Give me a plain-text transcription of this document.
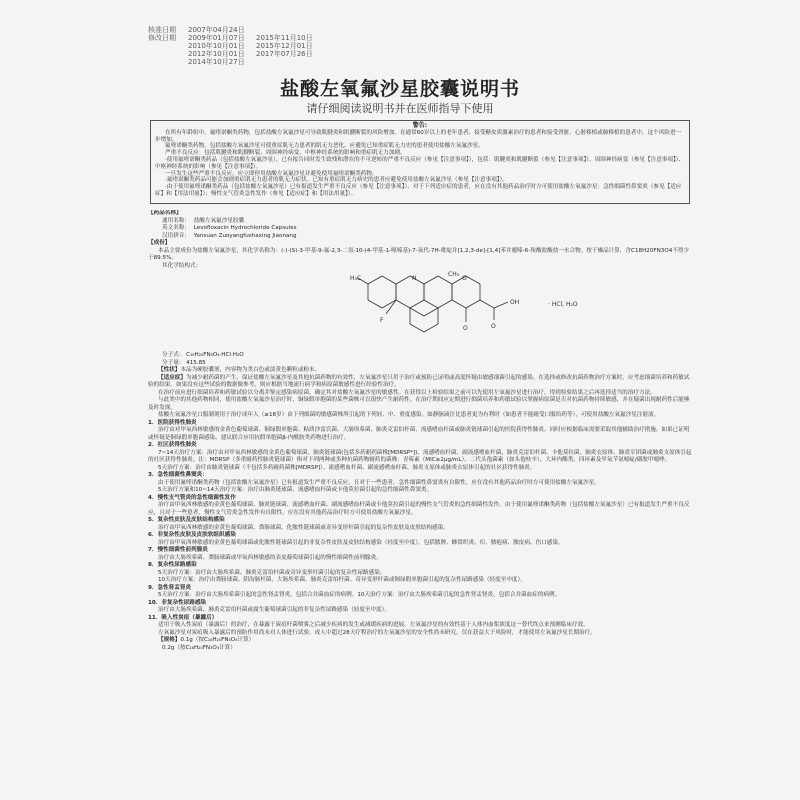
核准日期	2007年04月24日
修改日期	2009年01月07日	2015年11月10日
2010年10月01日	2015年12月01日
2012年10月01日	2017年07月26日
2014年10月27日
盐酸左氧氟沙星胶囊说明书
请仔细阅读说明书并在医师指导下使用
警告:

在所有年龄组中，氟喹诺酮类药物，包括盐酸左氧氟沙星可导致肌腱炎和肌腱断裂的风险增加。在通常60岁以上的老年患者、接受糖皮质激素治疗的患者和接受肾脏、心脏移植或肺移植的患者中，这个风险进一步增加。

氟喹诺酮类药物，包括盐酸左氧氟沙星可使重症肌无力患者的肌无力恶化。应避免已知重症肌无力史的患者使用盐酸左氧氟沙星。

严重不良反应：包括肌腱炎和肌腱断裂、周围神经病变、中枢神经系统的影响和重症肌无力加剧。

·使用氟喹诺酮类药品（包括盐酸左氧氟沙星），已有报告同时发生致残和潜在的不可逆转的严重不良反应（参见【注意事项】），包括：肌腱炎和肌腱断裂（参见【注意事项】）、周围神经病变（参见【注意事项】）、中枢神经系统的影响（参见【注意事项】）。

一旦发生这些严重不良反应，应立即停用盐酸左氧氟沙星并避免使用氟喹诺酮类药物。

·氟喹诺酮类药品可能会加剧重症肌无力患者的肌无力症状。已知有重症肌无力病史的患者应避免使用盐酸左氧氟沙星（参见【注意事项】）。

·由于使用氟喹诺酮类药品（包括盐酸左氧氟沙星）已有报道发生严重不良反应（参见【注意事项】），对于下列适应症的患者，应在没有其他药品治疗时方可使用盐酸左氧氟沙星：急性细菌性鼻窦炎（参见【适应症】和【用法用量】）；慢性支气管炎急性发作（参见【适应症】和【用法用量】）。

【药品名称】
通用名称： 盐酸左氧氟沙星胶囊
英文名称： Levofloxacin Hydrochloride Capsules
汉语拼音： Yansuan Zuoyangfushaxing Jiaonang
【成份】

本品主要成份为盐酸左氧氟沙星，其化学名称为：(-)-(S)-3-甲基-9-氟-2,3-二氢-10-(4-甲基-1-哌嗪基)-7-氧代-7H-吡啶并[1,2,3-de]-[1,4]苯并噁嗪-6-羧酸盐酸盐一水合物。按干燥品计算，含C18H20FN3O4不得少于89.5%。

其化学结构式：
H₃C
F
O	O
OH
CH₃
N	O
· HCl, H₂O
分子式： C₁₈H₂₀FN₃O₄·HCl·H₂O
分子量： 415.85

【性状】本品为硬胶囊剂，内容物为类白色或淡黄色颗粒或粉末。

【适应症】为减少耐药菌的产生，保证盐酸左氧氟沙星及其他抗菌药物的有效性，左氧氟沙星只用于治疗或预防已证明或高度怀疑由敏感细菌引起的感染。在选择或修改抗菌药物治疗方案时，应考虑细菌培养和药敏试验的结果。如果没有这些试验的数据做参考，则应根据当地流行病学和病原菌敏感性进行经验性治疗。

在治疗前应进行细菌培养和药敏试验以分离并鉴定感染病原菌，确定其对盐酸左氧氟沙星的敏感性。在获得以上检验结果之前可以先使用左氧氟沙星进行治疗，得到检验结果之后再选择适当的治疗方法。

与此类中的其他药物相同，使用盐酸左氧氟沙星治疗时，铜绿假单胞菌的某些菌株可以很快产生耐药性。在治疗期间应定期进行细菌培养和药敏试验以掌握病原菌是否对抗菌药物持续敏感，并在疑菌出现耐药性后能够及时发现。

盐酸左氧氟沙星口服制剂用于治疗成年人（≥18岁）由下列细菌的敏感菌株所引起的下列轻、中、重度感染。如静脉滴注比患者更为有利时（如患者不能耐受口服给药等），可使用盐酸左氧氟沙星注射液。

1．医院获得性肺炎

治疗由对甲氧西林敏感的金黄色葡萄球菌、铜绿假单胞菌、粘质沙雷氏菌、大肠埃希菌、肺炎克雷伯杆菌、流感嗜血杆菌或肺炎链球菌引起的医院获得性肺炎。同时应根据临床需要采取其他辅助治疗措施。如果已证明或怀疑是铜绿假单胞菌感染，建议联合应用抗假单胞菌β-内酰胺类药物进行治疗。

2．社区获得性肺炎

7~14天治疗方案：治疗由对甲氧西林敏感的金黄色葡萄球菌、肺炎链球菌(包括多药耐药菌株[MDRSP*])、流感嗜血杆菌、副流感嗜血杆菌、肺炎克雷伯杆菌、卡他莫拉菌、肺炎衣原体、肺炎军团菌或肺炎支原体引起的社区获得性肺炎。注：MDRSP（多重耐药性肺炎链球菌）指对下列两种或多种抗菌药物耐药的菌株：青霉素（MIC≥2μg/mL）、二代头孢菌素（如头孢呋辛）、大环内酯类、四环素及甲氧苄氨嘧啶/磺胺甲噁唑。

5天治疗方案：治疗由肺炎链球菌（不包括多药耐药菌株[MDRSP]）、流感嗜血杆菌、副流感嗜血杆菌、肺炎支原体或肺炎衣原体引起的社区获得性肺炎。

3．急性细菌性鼻窦炎：

由于使用氟喹诺酮类药物（包括盐酸左氧氟沙星）已有报道发生严重不良反应，且对于一些患者，急性细菌性鼻窦炎有自限性，应在没有其他药品治疗时方可使用盐酸左氧氟沙星。

5天治疗方案和10~14天治疗方案：治疗由肺炎链球菌、流感嗜血杆菌或卡他莫拉菌引起的急性细菌性鼻窦炎。

4．慢性支气管炎的急性细菌性发作

治疗由甲氧西林敏感的金黄色葡萄球菌、肺炎链球菌、流感嗜血杆菌、副流感嗜血杆菌或卡他莫拉菌引起的慢性支气管炎的急性细菌性发作。由于使用氟喹诺酮类药物（包括盐酸左氧氟沙星）已有报道发生严重不良反应，且对于一些患者，慢性支气管炎急性发作有自限性，应在没有其他药品治疗时方可使用盐酸左氧氟沙星。

5．复杂性皮肤及皮肤结构感染

治疗由甲氧西林敏感的金黄色葡萄球菌、粪肠球菌、化脓性链球菌或奇异变形杆菌引起的复杂性皮肤及皮肤结构感染。

6．非复杂性皮肤及皮肤软组织感染

治疗由甲氧西林敏感的金黄色葡萄球菌或化脓性链球菌引起的非复杂性皮肤及皮肤结构感染（轻度至中度），包括脓肿、蜂窝织炎、疖、脓疱病、脓皮病、伤口感染。

7．慢性细菌性前列腺炎

治疗由大肠埃希菌、粪肠球菌或甲氧西林敏感的表皮葡萄球菌引起的慢性细菌性前列腺炎。

8．复杂性尿路感染

5天治疗方案：治疗由大肠埃希菌、肺炎克雷伯杆菌或奇异变形杆菌引起的复杂性尿路感染。

10天治疗方案：治疗由粪肠球菌、阴沟肠杆菌、大肠埃希菌、肺炎克雷伯杆菌、奇异变形杆菌或铜绿假单胞菌引起的复杂性尿路感染（轻度至中度）。

9．急性肾盂肾炎

5天治疗方案：治疗由大肠埃希菌引起的急性肾盂肾炎，包括合并菌血症的病例。10天治疗方案：治疗由大肠埃希菌引起的急性肾盂肾炎，包括合并菌血症的病例。

10．非复杂性尿路感染

治疗由大肠埃希菌、肺炎克雷伯杆菌或腐生葡萄球菌引起的非复杂性尿路感染（轻度至中度）。

11．吸入性炭疽（暴露后）

适用于吸入性炭疽（暴露后）的治疗，在暴露于炭疽杆菌喷雾之后减少疾病的发生或减缓疾病的进展。左氧氟沙星的有效性基于人体内血浆浓度这一替代终点来预测临床疗效。

左氧氟沙星对炭疽吸入暴露后的预防作用尚未对人体进行试验。成人中超过28天疗程治疗的左氧氟沙星的安全性尚未研究。仅在获益大于风险时，才能使用左氧氟沙星长期治疗。

【规格】0.1g（按C₁₈H₂₀FN₃O₄计算）

0.2g（按C₁₈H₂₀FN₃O₄计算）
